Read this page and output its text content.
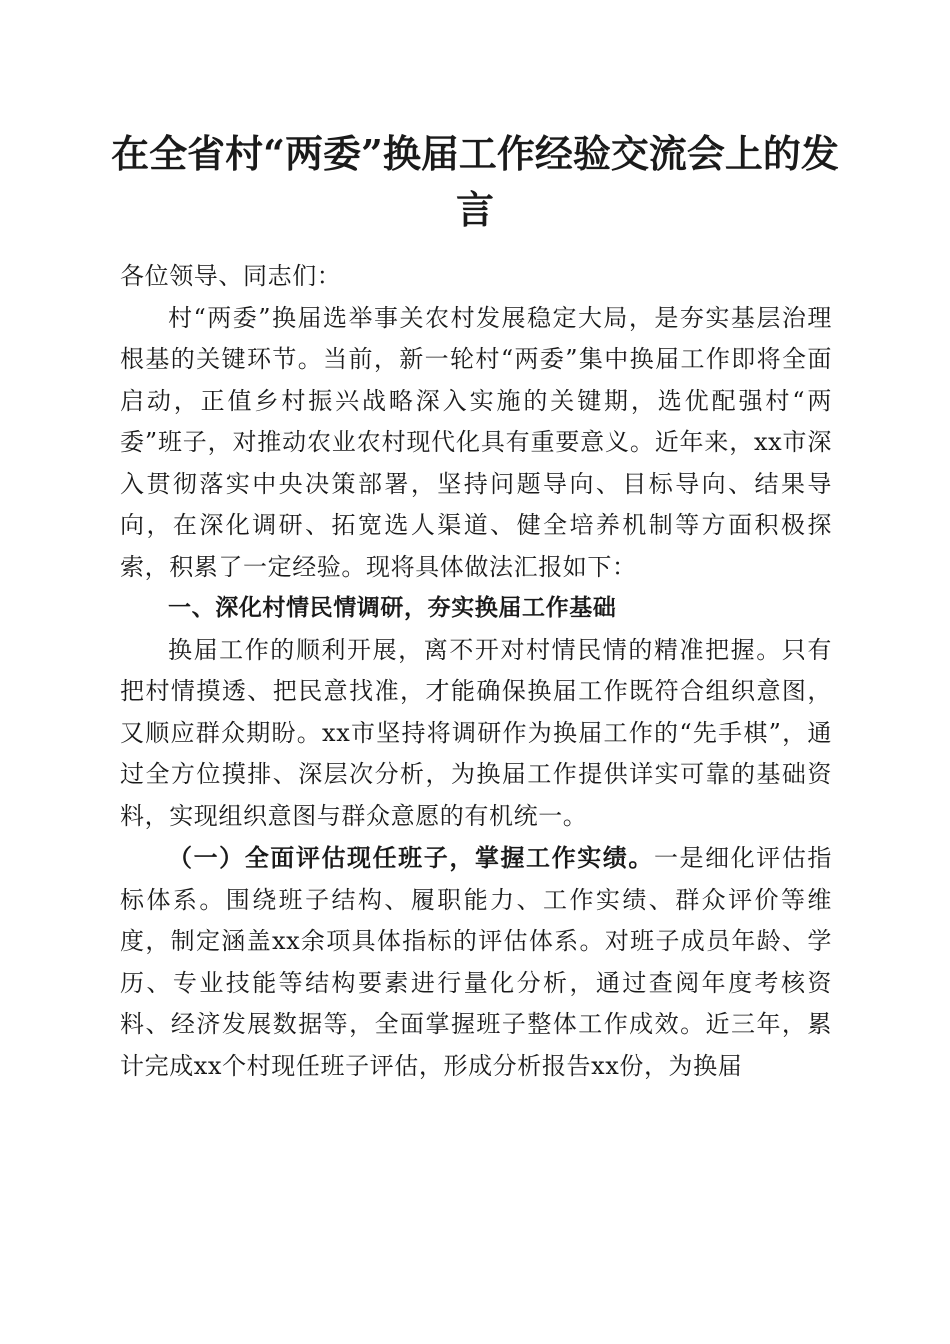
在全省村“两委”换届工作经验交流会上的发言

各位领导、同志们：

村“两委”换届选举事关农村发展稳定大局，是夯实基层治理根基的关键环节。当前，新一轮村“两委”集中换届工作即将全面启动，正值乡村振兴战略深入实施的关键期，选优配强村“两委”班子，对推动农业农村现代化具有重要意义。近年来，xx市深入贯彻落实中央决策部署，坚持问题导向、目标导向、结果导向，在深化调研、拓宽选人渠道、健全培养机制等方面积极探索，积累了一定经验。现将具体做法汇报如下：

一、深化村情民情调研，夯实换届工作基础

换届工作的顺利开展，离不开对村情民情的精准把握。只有把村情摸透、把民意找准，才能确保换届工作既符合组织意图，又顺应群众期盼。xx市坚持将调研作为换届工作的“先手棋”，通过全方位摸排、深层次分析，为换届工作提供详实可靠的基础资料，实现组织意图与群众意愿的有机统一。

（一）全面评估现任班子，掌握工作实绩。一是细化评估指标体系。围绕班子结构、履职能力、工作实绩、群众评价等维度，制定涵盖xx余项具体指标的评估体系。对班子成员年龄、学历、专业技能等结构要素进行量化分析，通过查阅年度考核资料、经济发展数据等，全面掌握班子整体工作成效。近三年，累计完成xx个村现任班子评估，形成分析报告xx份，为换届
